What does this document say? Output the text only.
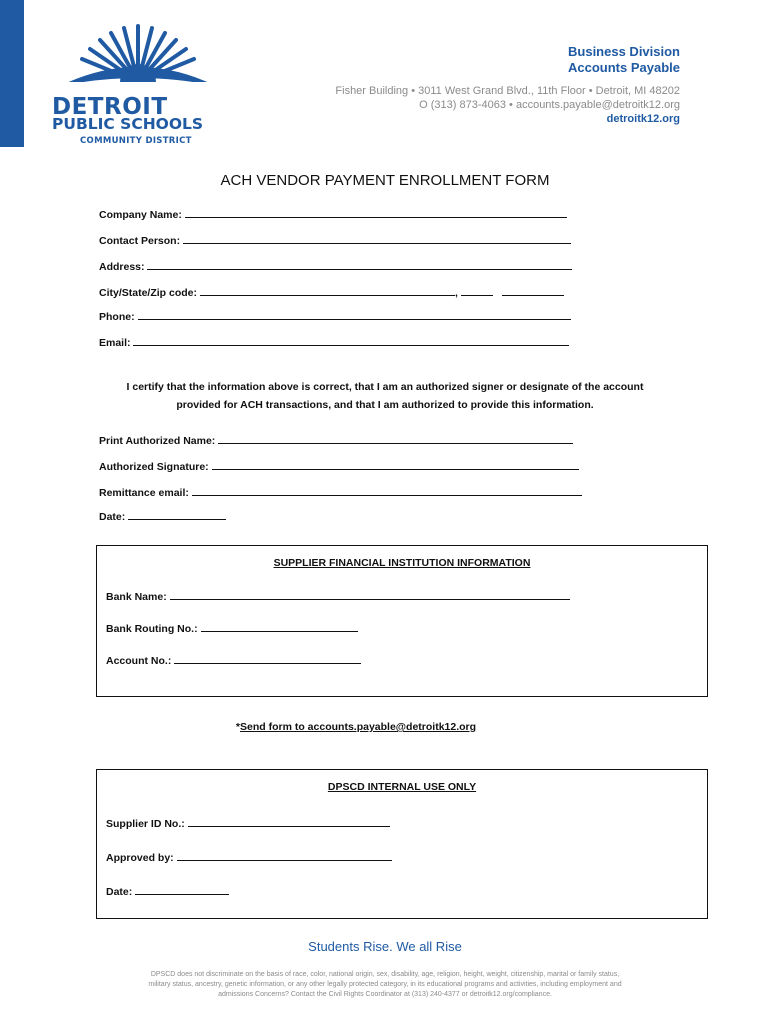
DETROIT
PUBLIC SCHOOLS
COMMUNITY DISTRICT
Business Division
Accounts Payable
Fisher Building • 3011 West Grand Blvd., 11th Floor • Detroit, MI 48202
O (313) 873-4063 • accounts.payable@detroitk12.org
detroitk12.org
ACH VENDOR PAYMENT ENROLLMENT FORM
Company Name:
Contact Person:
Address:
City/State/Zip code:	,
Phone:
Email:
I certify that the information above is correct, that I am an authorized signer or designate of the account
provided for ACH transactions, and that I am authorized to provide this information.
Print Authorized Name:
Authorized Signature:
Remittance email:
Date:
SUPPLIER FINANCIAL INSTITUTION INFORMATION
Bank Name:
Bank Routing No.:
Account No.:
*Send form to accounts.payable@detroitk12.org
DPSCD INTERNAL USE ONLY
Supplier ID No.:
Approved by:
Date:
Students Rise. We all Rise
DPSCD does not discriminate on the basis of race, color, national origin, sex, disability, age, religion, height, weight, citizenship, marital or family status, military status, ancestry, genetic information, or any other legally protected category, in its educational programs and activities, including employment and admissions Concerns? Contact the Civil Rights Coordinator at (313) 240-4377 or detroitk12.org/compliance.
